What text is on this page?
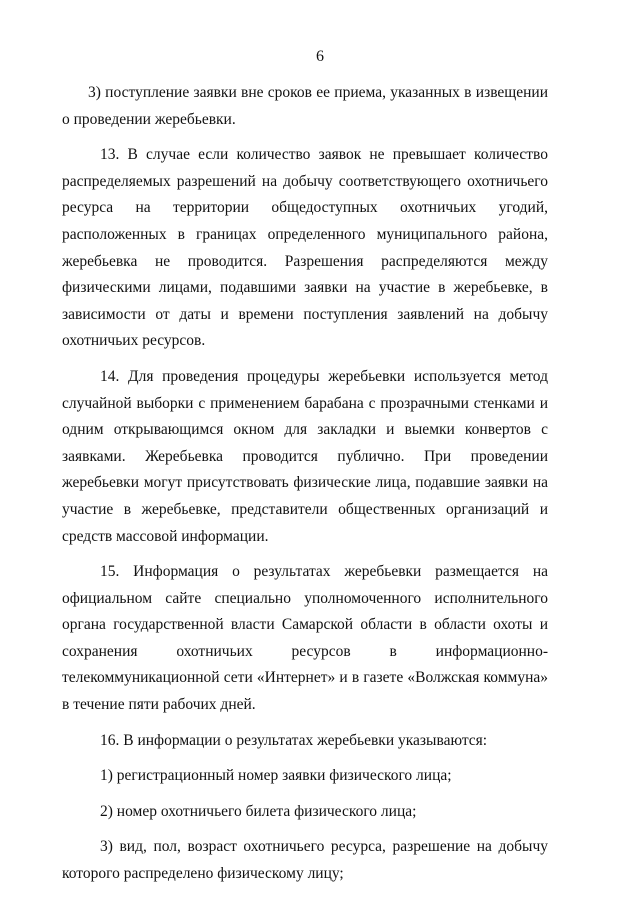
6

3) поступление заявки вне сроков ее приема, указанных в извещении о проведении жеребьевки.

13. В случае если количество заявок не превышает количество распределяемых разрешений на добычу соответствующего охотничьего ресурса на территории общедоступных охотничьих угодий, расположенных в границах определенного муниципального района, жеребьевка не проводится. Разрешения распределяются между физическими лицами, подавшими заявки на участие в жеребьевке, в зависимости от даты и времени поступления заявлений на добычу охотничьих ресурсов.

14. Для проведения процедуры жеребьевки используется метод случайной выборки с применением барабана с прозрачными стенками и одним открывающимся окном для закладки и выемки конвертов с заявками. Жеребьевка проводится публично. При проведении жеребьевки могут присутствовать физические лица, подавшие заявки на участие в жеребьевке, представители общественных организаций и средств массовой информации.

15. Информация о результатах жеребьевки размещается на официальном сайте специально уполномоченного исполнительного органа государственной власти Самарской области в области охоты и сохранения охотничьих ресурсов в информационно-телекоммуникационной сети «Интернет» и в газете «Волжская коммуна» в течение пяти рабочих дней.

16. В информации о результатах жеребьевки указываются:

1) регистрационный номер заявки физического лица;

2) номер охотничьего билета физического лица;

3) вид, пол, возраст охотничьего ресурса, разрешение на добычу которого распределено физическому лицу;
